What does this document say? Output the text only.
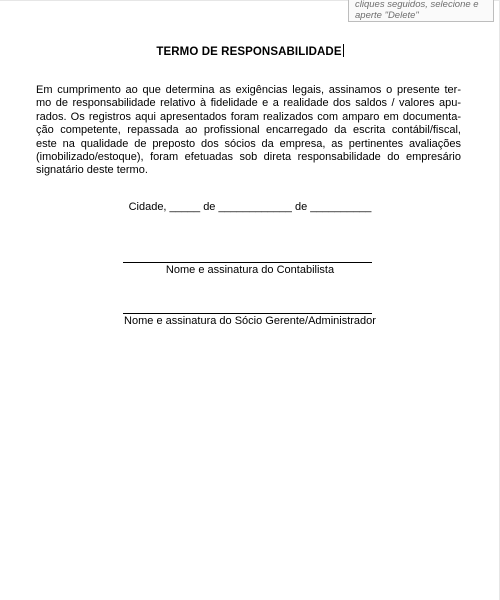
cliques seguidos, selecione e
aperte "Delete"
TERMO DE RESPONSABILIDADE
Em cumprimento ao que determina as exigências legais, assinamos o presente ter-
mo de responsabilidade relativo à fidelidade e a realidade dos saldos / valores apu-
rados. Os registros aqui apresentados foram realizados com amparo em documenta-
ção competente, repassada ao profissional encarregado da escrita contábil/fiscal,
este na qualidade de preposto dos sócios da empresa, as pertinentes avaliações
(imobilizado/estoque), foram efetuadas sob direta responsabilidade do empresário
signatário deste termo.
Cidade, _____ de ____________ de __________
Nome e assinatura do Contabilista
Nome e assinatura do Sócio Gerente/Administrador
